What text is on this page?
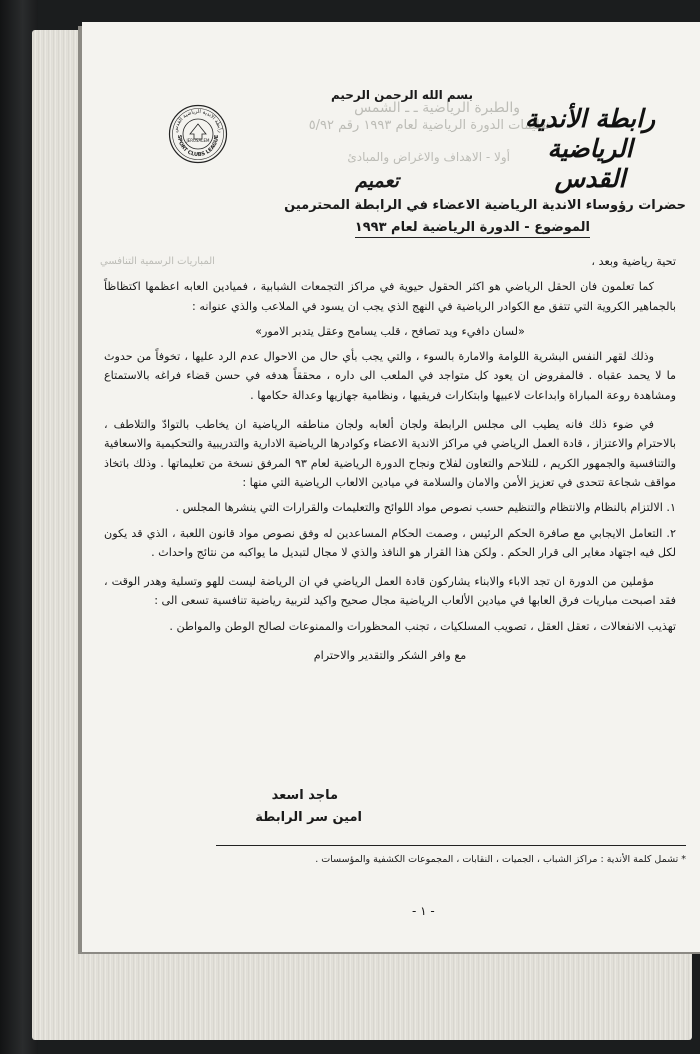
والطبرة الرياضية ـ ـ الشمس
تعليمات الدورة الرياضية لعام ١٩٩٣ رقم ٥/٩٢
أولا - الاهداف والاغراض والمبادئ
المباريات الرسمية التنافسي
بسم الله الرحمن الرحيم
رابطة الأندية الرياضية
القدس
رابطة الاندية الرياضية القدس
SPORT CLUBS LEAGUE
JERUSALEM
تعميم
حضرات رؤوساء الاندية الرياضية الاعضاء في الرابطة المحترمين
الموضوع - الدورة الرياضية لعام ١٩٩٣

تحية رياضية وبعد ،

كما تعلمون فان الحقل الرياضي هو اكثر الحقول حيوية في مراكز التجمعات الشبابية ، فميادين العابه اعظمها اكتظاظاً بالجماهير الكروية التي تتفق مع الكوادر الرياضية في النهج الذي يجب ان يسود في الملاعب والذي عنوانه :

«لسان دافيء ويد تصافح ، قلب يسامح وعقل يتدبر الامور»

وذلك لقهر النفس البشرية اللوامة والامارة بالسوء ، والتي يجب بأي حال من الاحوال عدم الرد عليها ، تخوفاً من حدوث ما لا يحمد عقباه . فالمفروض ان يعود كل متواجد في الملعب الى داره ، محققاً هدفه في حسن قضاء فراغه بالاستمتاع ومشاهدة روعة المباراة وابداعات لاعبيها وابتكارات فريقيها ، ونظامية جهازيها وعدالة حكامها .

في ضوء ذلك فانه يطيب الى مجلس الرابطة ولجان ألعابه ولجان مناطقه الرياضية ان يخاطب بالتوادّ والتلاطف ، بالاحترام والاعتزاز ، قادة العمل الرياضي في مراكز الاندية الاعضاء وكوادرها الرياضية الادارية والتدريبية والتحكيمية والاسعافية والتنافسية والجمهور الكريم ، للتلاحم والتعاون لفلاح ونجاح الدورة الرياضية لعام ٩٣ المرفق نسخة من تعليماتها . وذلك باتخاذ مواقف شجاعة تتحدى في تعزيز الأمن والامان والسلامة في ميادين الالعاب الرياضية التي منها :

١. الالتزام بالنظام والانتظام والتنظيم حسب نصوص مواد اللوائح والتعليمات والقرارات التي ينشرها المجلس .

٢. التعامل الايجابي مع صافرة الحكم الرئيس ، وصمت الحكام المساعدين له وفق نصوص مواد قانون اللعبة ، الذي قد يكون لكل فيه اجتهاد مغاير الى قرار الحكم . ولكن هذا القرار هو النافذ والذي لا مجال لتبديل ما يواكبه من نتائج واحداث .

مؤملين من الدورة ان تجد الاباء والابناء يشاركون قادة العمل الرياضي في ان الرياضة ليست للهو وتسلية وهدر الوقت ، فقد اصبحت مباريات فرق العابها في ميادين الألعاب الرياضية مجال صحيح واكيد لتربية رياضية تنافسية تسعى الى :

تهذيب الانفعالات ، تعقل العقل ، تصويب المسلكيات ، تجنب المحظورات والممنوعات لصالح الوطن والمواطن .

مع وافر الشكر والتقدير والاحترام

ماجد اسعد
امين سر الرابطة
* تشمل كلمة الأندية : مراكز الشباب ، الجميات ، النقابات ، المجموعات الكشفية والمؤسسات .
- ١ -
